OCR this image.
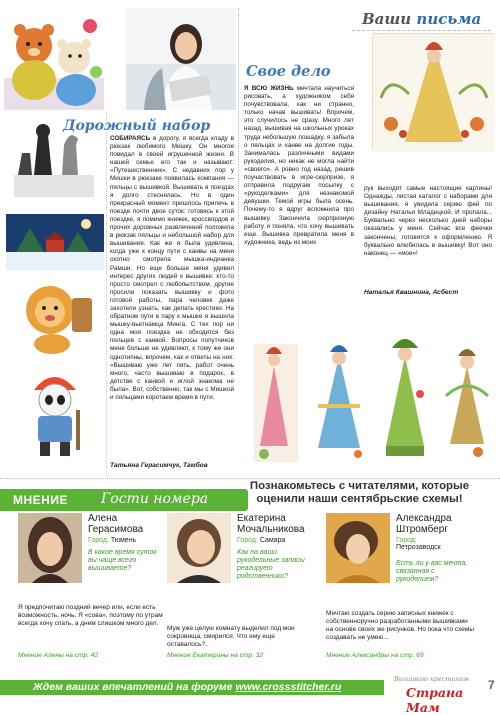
Ваши письма
Дорожный набор

СОБИРАЯСЬ в дорогу, я всегда кладу в рюкзак любимого Мишку. Он многое повидал в своей игрушечной жизни. В нашей семье его так и называют: «Путешественник». С недавних пор у Мишки в рюкзаке появилась компания — пяльцы с вышивкой. Вышивать в поездах я долго стеснялась. Но в один прекрасный момент пришлось прилечь в поезде почти двое суток: готовясь к этой поездке, я помимо книжек, кроссвордов и прочих дорожных развлечений положила в рюкзак пяльцы и небольшой набор для вышивания. Как же я была удивлена, когда уже к концу пути с канвы на меня охотно смотрела мышка-индианка Рамши. Но еще больше меня удивил интерес других людей к вышивке: кто-то просто смотрел с любопытством, другие просили показать вышивку и фото готовой работы, пара человек даже захотели узнать, как делать крестики. На обратном пути в пару к мышке я вышила мышку-вьетнамца Минга. С тех пор ни одна моя поездка не обходится без пяльцев с канвой. Вопросы попутчиков меня больше не удивляют, к тому же они однотипны, впрочем, как и ответы на них: «Вышиваю уже лет пять, работ очень много, часто вышиваю в подарок, в детстве с канвой и иглой знакома не была». Вот, собственно, так мы с Мишкой и пяльцами коротаем время в пути.

Татьяна Герасимчук, Тамбов
Свое дело

Я ВСЮ ЖИЗНЬ мечтала научиться рисовать, а художником себя почувствовала, как ни странно, только начав вышивать! Впрочем, это случилось не сразу. Много лет назад, вышивая на школьных уроках труда небольшую лошадку, я забыла о пяльцах и канве на долгие годы. Занималась различными видами рукоделия, но никак не могла найти «своего». А ровно год назад, решив поучаствовать в игре-сюрпризе, я отправила подругам посылку с «рукоделками» для незнакомой девушки. Темой игры была осень. Почему-то я вдруг вспомнила про вышивку. Закончила сюрпризную работу и поняла, что хочу вышивать еще. Вышивка превратила меня в художника, ведь из моих

рук выходят самые настоящие картины! Однажды, листая каталог с наборами для вышивания, я увидела серию фей по дизайну Натальи Младецкой. И пропала... Буквально через несколько дней наборы оказались у меня. Сейчас все феечки закончены, готовятся к оформлению. Я буквально влюбилась в вышивку! Вот оно наконец — «мое»!

Наталья Квашнина, Асбест
МНЕНИЕ Гости номера
Познакомьтесь с читателями, которые оценили наши сентябрьские схемы!
Алена Герасимова
Город: Тюмень
В какое время суток вы чаще всего вышиваете?
Я предпочитаю поздний вечер или, если есть возможность, ночь. Я «сова», поэтому по утрам всегда хочу спать, а днем слишком много дел.
Мнение Алены на стр. 42
Екатерина Мочальникова
Город: Самара
Как на ваши рукодельные запасы реагирует родственники?
Муж уже целую комнату выделил под мои сокровища, смирился. Что ему еще оставалось?..
Мнение Екатерины на стр. 32
Александра Штромберг
Город:
Петрозаводск
Есть ли у вас мечта, связанная с рукоделием?
Мечтаю создать серию записных книжек с собственноручно разработанными вышивками на основе своих же рисунков. Но пока что схемы создавать не умею...
Мнение Александры на стр. 69
Ждем ваших впечатлений на форуме www.crossstitcher.ru
Вышиваю крестиком 7
Страна Мам
